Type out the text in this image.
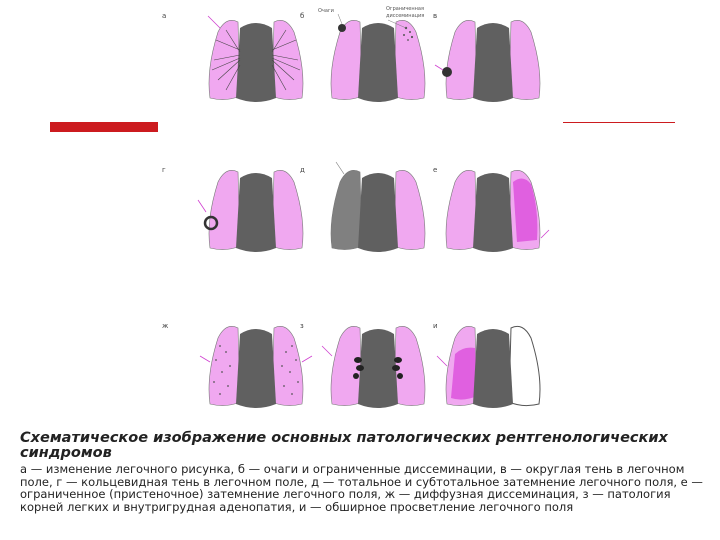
а	б
Очаги	Ограниченная
диссеминация в
г	д	е
ж	з	и

Схематическое изображение основных патологических рентгенологических синдромов

а — изменение легочного рисунка, б — очаги и ограниченные диссеминации, в — округлая тень в легочном поле, г — кольцевидная тень в легочном поле, д — тотальное и субтотальное затемнение легочного поля, е — ограниченное (пристеночное) затемнение легочного поля, ж — диффузная диссеминация, з — патология корней легких и внутригрудная аденопатия, и — обширное просветление легочного поля
